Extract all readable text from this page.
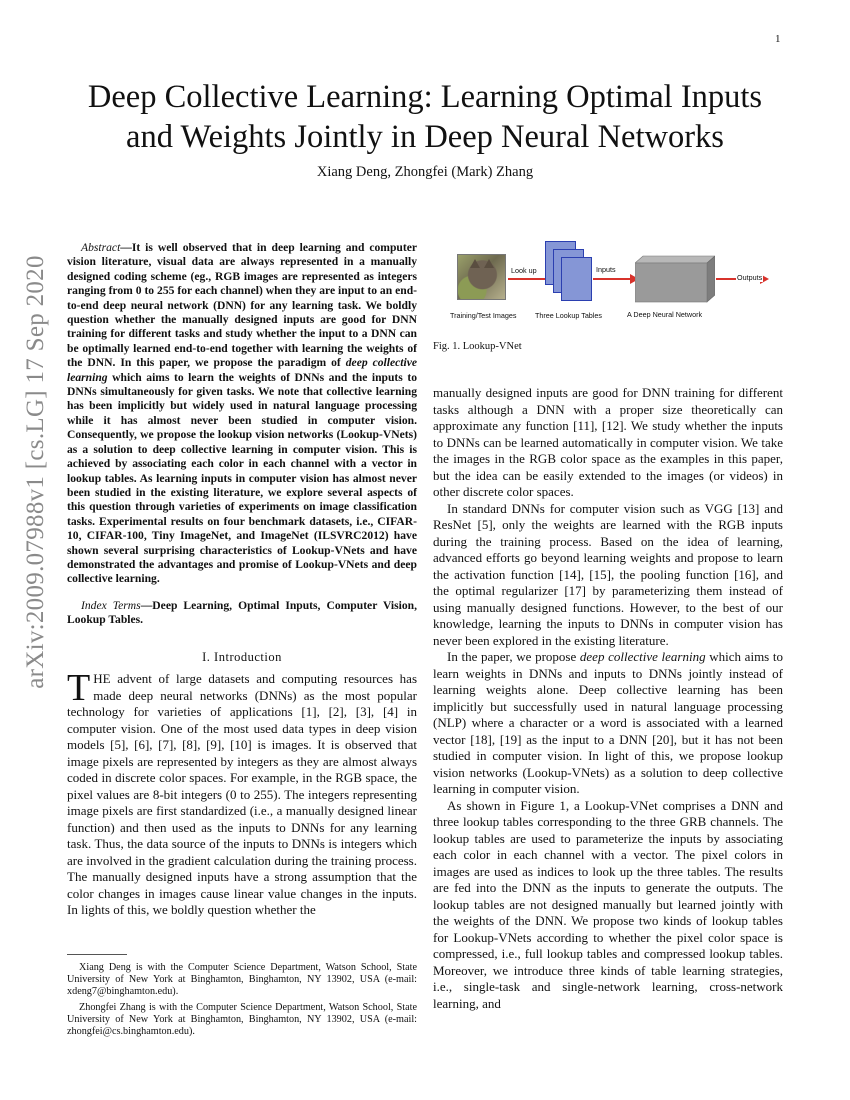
1
arXiv:2009.07988v1 [cs.LG] 17 Sep 2020
Deep Collective Learning: Learning Optimal Inputs
and Weights Jointly in Deep Neural Networks
Xiang Deng, Zhongfei (Mark) Zhang

Abstract—It is well observed that in deep learning and computer vision literature, visual data are always represented in a manually designed coding scheme (eg., RGB images are represented as integers ranging from 0 to 255 for each channel) when they are input to an end-to-end deep neural network (DNN) for any learning task. We boldly question whether the manually designed inputs are good for DNN training for different tasks and study whether the input to a DNN can be optimally learned end-to-end together with learning the weights of the DNN. In this paper, we propose the paradigm of deep collective learning which aims to learn the weights of DNNs and the inputs to DNNs simultaneously for given tasks. We note that collective learning has been implicitly but widely used in natural language processing while it has almost never been studied in computer vision. Consequently, we propose the lookup vision networks (Lookup-VNets) as a solution to deep collective learning in computer vision. This is achieved by associating each color in each channel with a vector in lookup tables. As learning inputs in computer vision has almost never been studied in the existing literature, we explore several aspects of this question through varieties of experiments on image classification tasks. Experimental results on four benchmark datasets, i.e., CIFAR-10, CIFAR-100, Tiny ImageNet, and ImageNet (ILSVRC2012) have shown several surprising characteristics of Lookup-VNets and have demonstrated the advantages and promise of Lookup-VNets and deep collective learning.

Index Terms—Deep Learning, Optimal Inputs, Computer Vision, Lookup Tables.

I. Introduction

THE advent of large datasets and computing resources has made deep neural networks (DNNs) as the most popular technology for varieties of applications [1], [2], [3], [4] in computer vision. One of the most used data types in deep vision models [5], [6], [7], [8], [9], [10] is images. It is observed that image pixels are represented by integers as they are almost always coded in discrete color spaces. For example, in the RGB space, the pixel values are 8-bit integers (0 to 255). The integers representing image pixels are first standardized (i.e., a manually designed linear function) and then used as the inputs to DNNs for any learning task. Thus, the data source of the inputs to DNNs is integers which are involved in the gradient calculation during the training process. The manually designed inputs have a strong assumption that the color changes in images cause linear value changes in the inputs. In lights of this, we boldly question whether the

Xiang Deng is with the Computer Science Department, Watson School, State University of New York at Binghamton, Binghamton, NY 13902, USA (e-mail: xdeng7@binghamton.edu).

Zhongfei Zhang is with the Computer Science Department, Watson School, State University of New York at Binghamton, Binghamton, NY 13902, USA (e-mail: zhongfei@cs.binghamton.edu).

Look up	Inputs
Outputs
Training/Test Images	Three Lookup Tables	A Deep Neural Network
Fig. 1. Lookup-VNet

manually designed inputs are good for DNN training for different tasks although a DNN with a proper size theoretically can approximate any function [11], [12]. We study whether the inputs to DNNs can be learned automatically in computer vision. We take the images in the RGB color space as the examples in this paper, but the idea can be easily extended to the images (or videos) in other discrete color spaces.

In standard DNNs for computer vision such as VGG [13] and ResNet [5], only the weights are learned with the RGB inputs during the training process. Based on the idea of learning, advanced efforts go beyond learning weights and propose to learn the activation function [14], [15], the pooling function [16], and the optimal regularizer [17] by parameterizing them instead of using manually designed functions. However, to the best of our knowledge, learning the inputs to DNNs in computer vision has never been explored in the existing literature.

In the paper, we propose deep collective learning which aims to learn weights in DNNs and inputs to DNNs jointly instead of learning weights alone. Deep collective learning has been implicitly but successfully used in natural language processing (NLP) where a character or a word is associated with a learned vector [18], [19] as the input to a DNN [20], but it has not been studied in computer vision. In light of this, we propose lookup vision networks (Lookup-VNets) as a solution to deep collective learning in computer vision.

As shown in Figure 1, a Lookup-VNet comprises a DNN and three lookup tables corresponding to the three GRB channels. The lookup tables are used to parameterize the inputs by associating each color in each channel with a vector. The pixel colors in images are used as indices to look up the three tables. The results are fed into the DNN as the inputs to generate the outputs. The lookup tables are not designed manually but learned jointly with the weights of the DNN. We propose two kinds of lookup tables for Lookup-VNets according to whether the pixel color space is compressed, i.e., full lookup tables and compressed lookup tables. Moreover, we introduce three kinds of table learning strategies, i.e., single-task and single-network learning, cross-network learning, and
